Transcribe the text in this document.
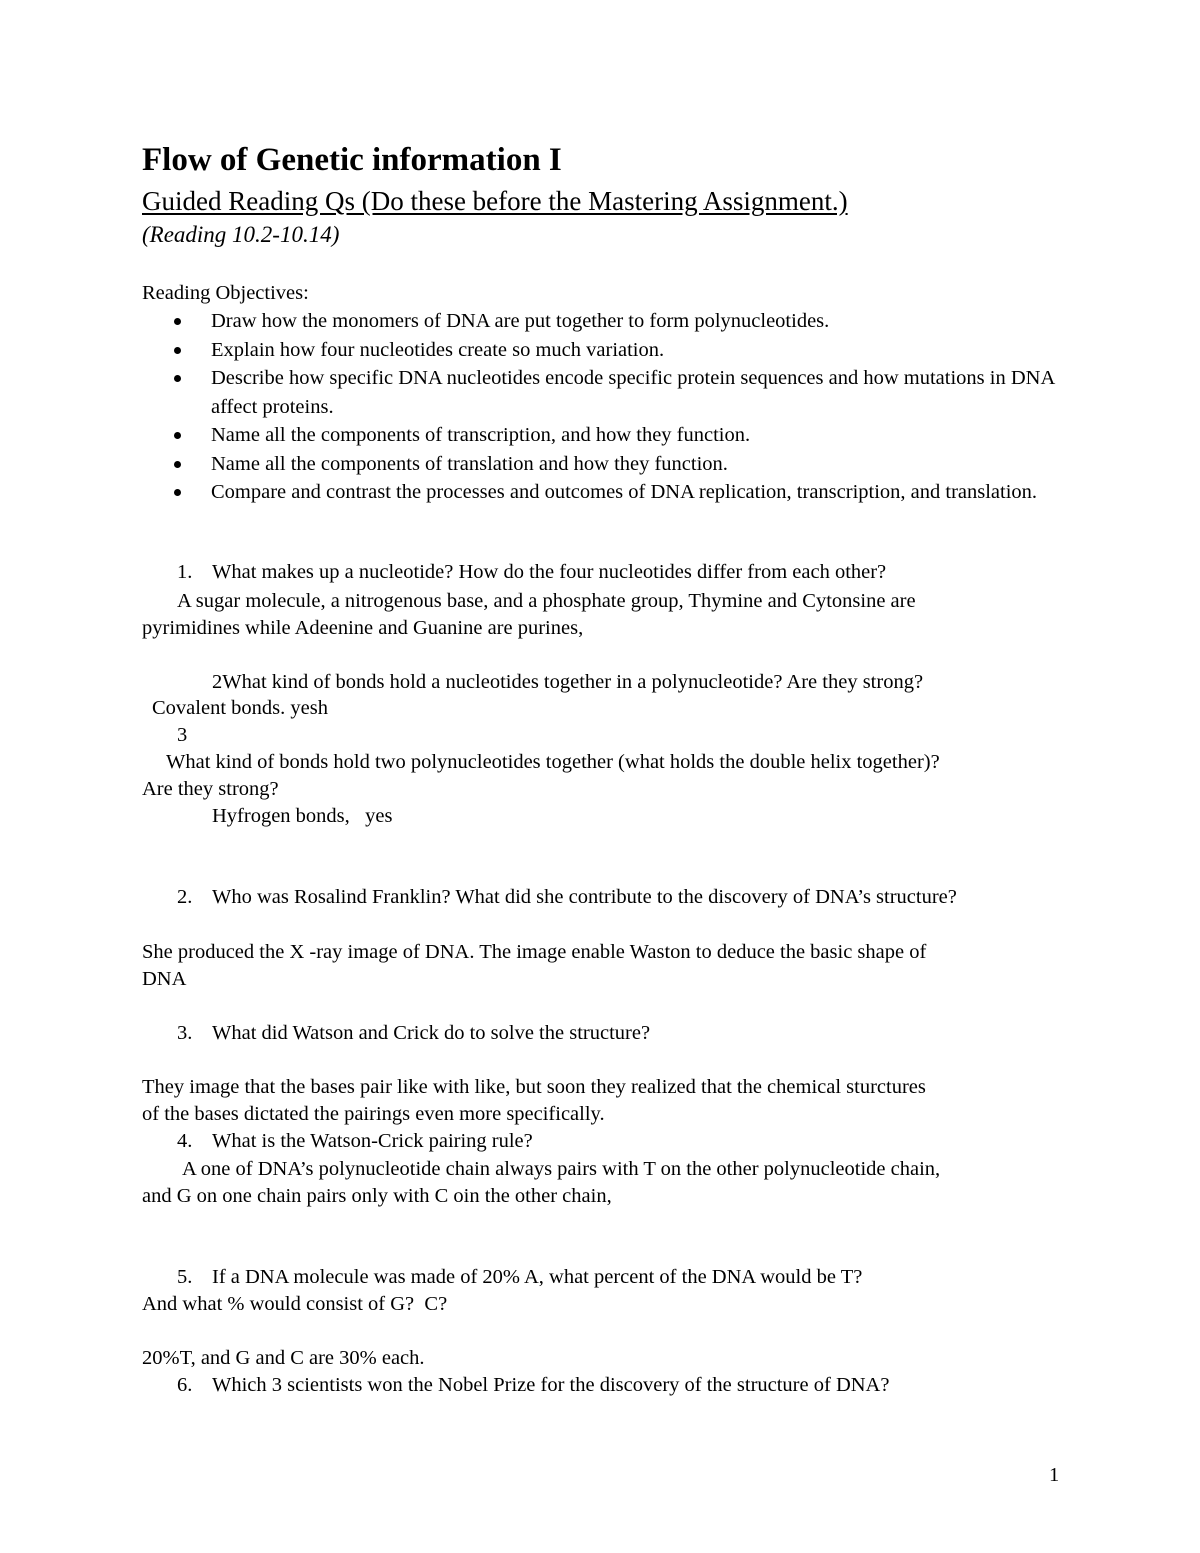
Flow of Genetic information I
Guided Reading Qs (Do these before the Mastering Assignment.)
(Reading 10.2-10.14)
Reading Objectives:
Draw how the monomers of DNA are put together to form polynucleotides.
Explain how four nucleotides create so much variation.
Describe how specific DNA nucleotides encode specific protein sequences and how mutations in DNA affect proteins.
Name all the components of transcription, and how they function.
Name all the components of translation and how they function.
Compare and contrast the processes and outcomes of DNA replication, transcription, and translation.
1. What makes up a nucleotide? How do the four nucleotides differ from each other?
A sugar molecule, a nitrogenous base, and a phosphate group, Thymine and Cytonsine are
pyrimidines while Adeenine and Guanine are purines,
2What kind of bonds hold a nucleotides together in a polynucleotide? Are they strong?
Covalent bonds. yesh
3
What kind of bonds hold two polynucleotides together (what holds the double helix together)?
Are they strong?
Hyfrogen bonds,   yes
2. Who was Rosalind Franklin? What did she contribute to the discovery of DNA’s structure?
She produced the X -ray image of DNA. The image enable Waston to deduce the basic shape of
DNA
3. What did Watson and Crick do to solve the structure?
They image that the bases pair like with like, but soon they realized that the chemical sturctures
of the bases dictated the pairings even more specifically.
4. What is the Watson-Crick pairing rule?
A one of DNA’s polynucleotide chain always pairs with T on the other polynucleotide chain,
and G on one chain pairs only with C oin the other chain,
5. If a DNA molecule was made of 20% A, what percent of the DNA would be T?
And what % would consist of G?  C?
20%T, and G and C are 30% each.
6. Which 3 scientists won the Nobel Prize for the discovery of the structure of DNA?
1
